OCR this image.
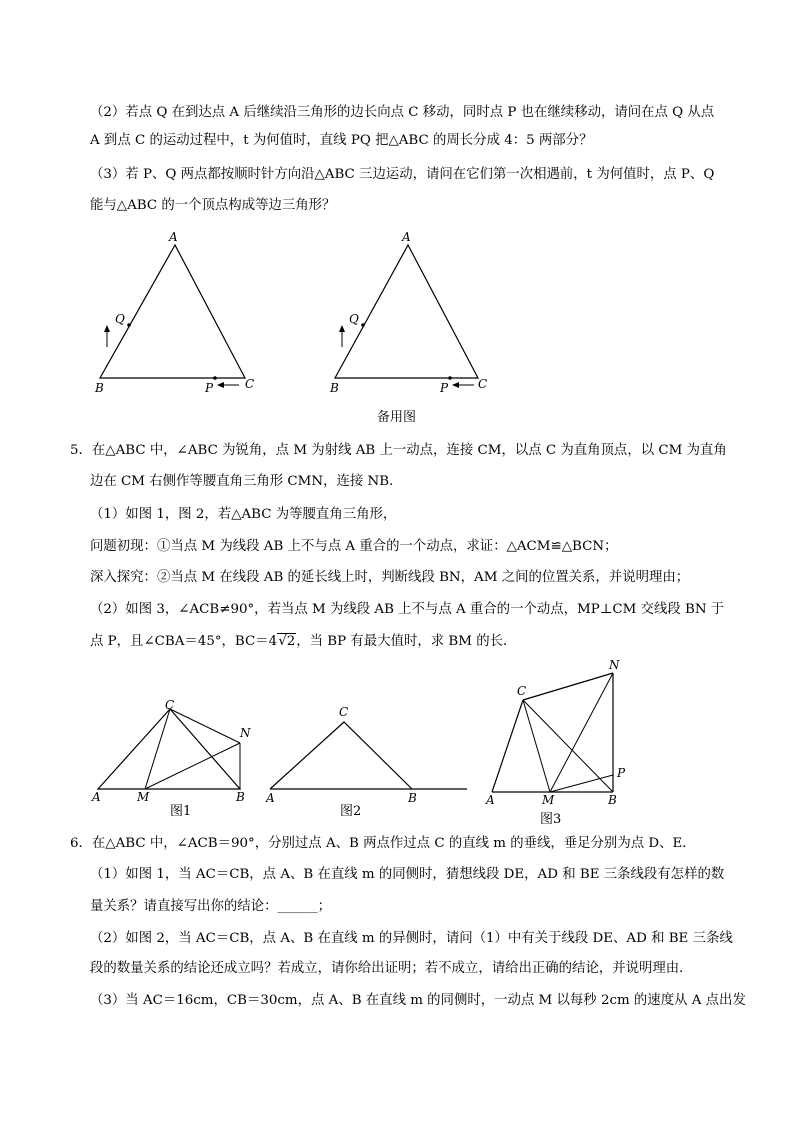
（2）若点 Q 在到达点 A 后继续沿三角形的边长向点 C 移动，同时点 P 也在继续移动，请问在点 Q 从点
A 到点 C 的运动过程中，t 为何值时，直线 PQ 把△ABC 的周长分成 4：5 两部分？
（3）若 P、Q 两点都按顺时针方向沿△ABC 三边运动，请问在它们第一次相遇前，t 为何值时，点 P、Q
能与△ABC 的一个顶点构成等边三角形？
A
B	C
P
Q
A
B	C
P
Q
备用图
5．在△ABC 中，∠ABC 为锐角，点 M 为射线 AB 上一动点，连接 CM，以点 C 为直角顶点，以 CM 为直角
边在 CM 右侧作等腰直角三角形 CMN，连接 NB．
（1）如图 1，图 2，若△ABC 为等腰直角三角形，
问题初现：①当点 M 为线段 AB 上不与点 A 重合的一个动点，求证：△ACM≌△BCN；
深入探究：②当点 M 在线段 AB 的延长线上时，判断线段 BN，AM 之间的位置关系，并说明理由；
（2）如图 3，∠ACB≠90°，若当点 M 为线段 AB 上不与点 A 重合的一个动点，MP⊥CM 交线段 BN 于
点 P，且∠CBA＝45°，BC＝4√2，当 BP 有最大值时，求 BM 的长．
A	M	B
C
N
图1
A	B
C
图2
A	M	B
C
N
P
图3
6．在△ABC 中，∠ACB＝90°，分别过点 A、B 两点作过点 C 的直线 m 的垂线，垂足分别为点 D、E．
（1）如图 1，当 AC＝CB，点 A、B 在直线 m 的同侧时，猜想线段 DE，AD 和 BE 三条线段有怎样的数
量关系？请直接写出你的结论：______；
（2）如图 2，当 AC＝CB，点 A、B 在直线 m 的异侧时，请问（1）中有关于线段 DE、AD 和 BE 三条线
段的数量关系的结论还成立吗？若成立，请你给出证明；若不成立，请给出正确的结论，并说明理由．
（3）当 AC＝16cm，CB＝30cm，点 A、B 在直线 m 的同侧时，一动点 M 以每秒 2cm 的速度从 A 点出发
